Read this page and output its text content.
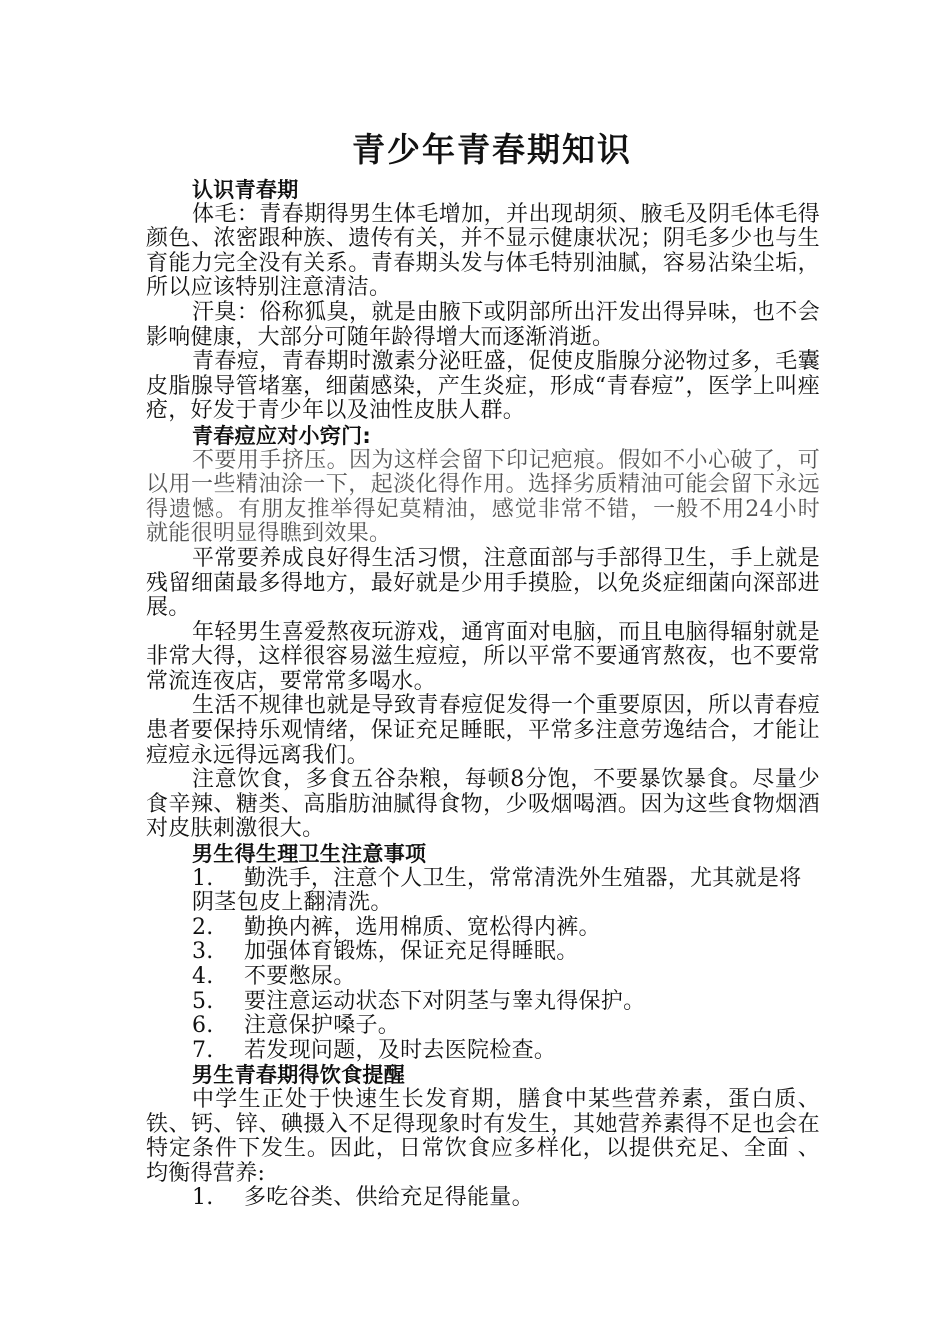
青少年青春期知识
认识青春期

体毛：青春期得男生体毛增加，并出现胡须、腋毛及阴毛体毛得颜色、浓密跟种族、遗传有关，并不显示健康状况；阴毛多少也与生育能力完全没有关系。青春期头发与体毛特别油腻，容易沾染尘垢，所以应该特别注意清洁。

汗臭：俗称狐臭，就是由腋下或阴部所出汗发出得异味，也不会影响健康，大部分可随年龄得增大而逐渐消逝。

青春痘，青春期时激素分泌旺盛，促使皮脂腺分泌物过多，毛囊皮脂腺导管堵塞，细菌感染，产生炎症，形成“青春痘”，医学上叫痤疮，好发于青少年以及油性皮肤人群。

青春痘应对小窍门:

不要用手挤压。因为这样会留下印记疤痕。假如不小心破了，可以用一些精油涂一下，起淡化得作用。选择劣质精油可能会留下永远得遗憾。有朋友推举得妃莫精油，感觉非常不错，一般不用24小时就能很明显得瞧到效果。

平常要养成良好得生活习惯，注意面部与手部得卫生，手上就是残留细菌最多得地方，最好就是少用手摸脸，以免炎症细菌向深部进展。

年轻男生喜爱熬夜玩游戏，通宵面对电脑，而且电脑得辐射就是非常大得，这样很容易滋生痘痘，所以平常不要通宵熬夜，也不要常常流连夜店，要常常多喝水。

生活不规律也就是导致青春痘促发得一个重要原因，所以青春痘患者要保持乐观情绪，保证充足睡眠，平常多注意劳逸结合，才能让痘痘永远得远离我们。

注意饮食，多食五谷杂粮，每顿8分饱，不要暴饮暴食。尽量少食辛辣、糖类、高脂肪油腻得食物，少吸烟喝酒。因为这些食物烟酒对皮肤刺激很大。

男生得生理卫生注意事项

1. 勤洗手，注意个人卫生，常常清洗外生殖器，尤其就是将阴茎包皮上翻清洗。

2. 勤换内裤，选用棉质、宽松得内裤。

3. 加强体育锻炼，保证充足得睡眠。

4. 不要憋尿。

5. 要注意运动状态下对阴茎与睾丸得保护。

6. 注意保护嗓子。

7. 若发现问题，及时去医院检查。

男生青春期得饮食提醒

中学生正处于快速生长发育期，膳食中某些营养素，蛋白质、铁、钙、锌、碘摄入不足得现象时有发生，其她营养素得不足也会在特定条件下发生。因此，日常饮食应多样化，以提供充足、全面 、均衡得营养:

1. 多吃谷类、供给充足得能量。
